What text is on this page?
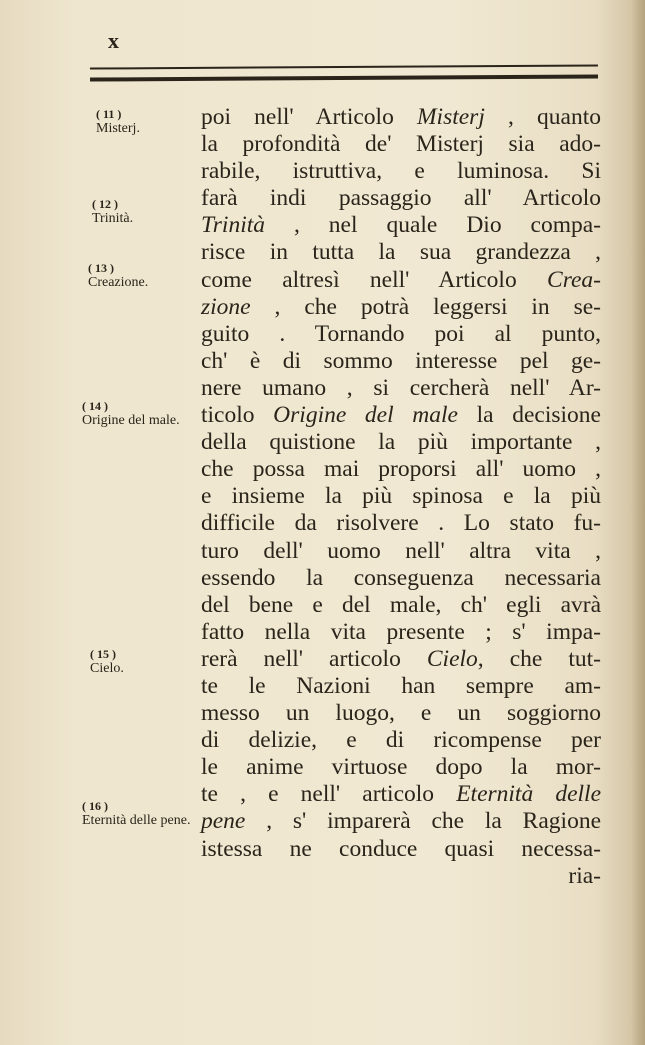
x
poi nell' Articolo Misterj , quanto
la profondità de' Misterj sia ado-
rabile, istruttiva, e luminosa. Si
farà indi passaggio all' Articolo
Trinità , nel quale Dio compa-
risce in tutta la sua grandezza ,
come altresì nell' Articolo Crea-
zione , che potrà leggersi in se-
guito . Tornando poi al punto,
ch' è di sommo interesse pel ge-
nere umano , si cercherà nell' Ar-
ticolo Origine del male la decisione
della quistione la più importante ,
che possa mai proporsi all' uomo ,
e insieme la più spinosa e la più
difficile da risolvere . Lo stato fu-
turo dell' uomo nell' altra vita ,
essendo la conseguenza necessaria
del bene e del male, ch' egli avrà
fatto nella vita presente ; s' impa-
rerà nell' articolo Cielo, che tut-
te le Nazioni han sempre am-
messo un luogo, e un soggiorno
di delizie, e di ricompense per
le anime virtuose dopo la mor-
te , e nell' articolo Eternità delle
pene , s' imparerà che la Ragione
istessa ne conduce quasi necessa-
ria-
( 11 )
Misterj.
( 12 )
Trinità.
( 13 )
Creazione.
( 14 )
Origine del male.
( 15 )
Cielo.
( 16 )
Eternità delle pene.
